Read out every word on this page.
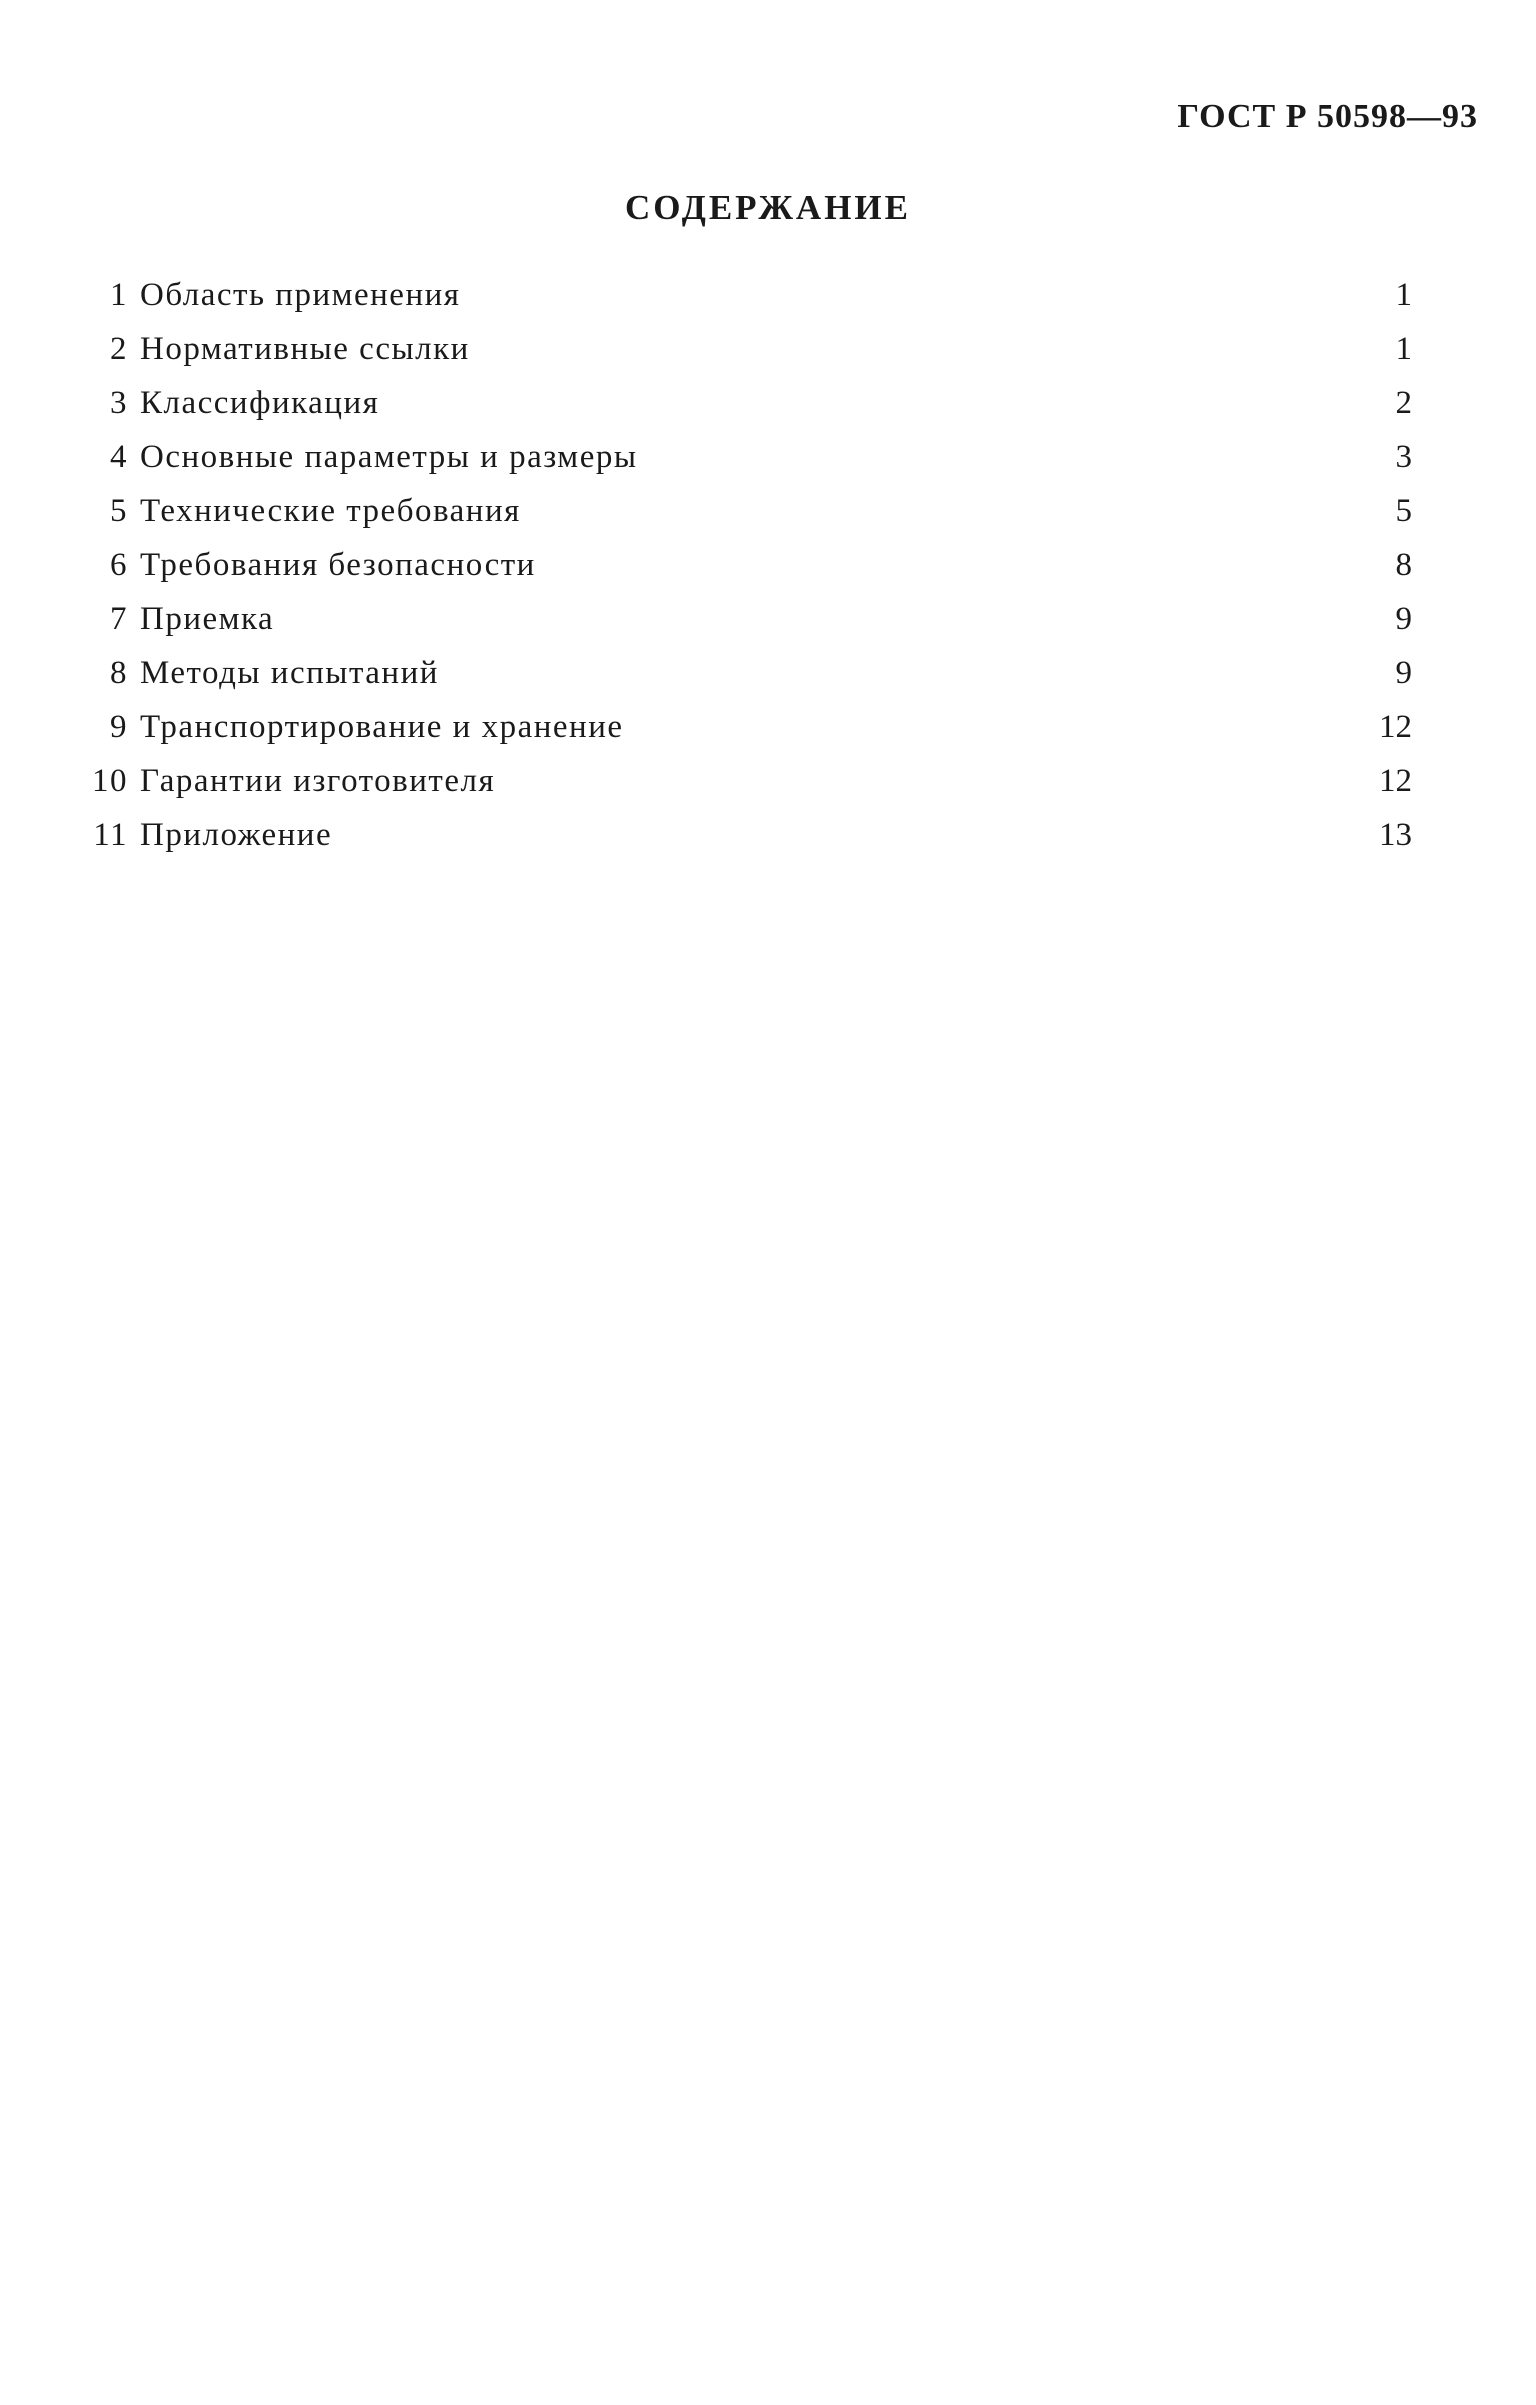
ГОСТ Р 50598—93
СОДЕРЖАНИЕ
1 Область применения	1
2 Нормативные ссылки	1
3 Классификация	2
4 Основные параметры и размеры	3
5 Технические требования	5
6 Требования безопасности	8
7 Приемка	9
8 Методы испытаний	9
9 Транспортирование и хранение	12
10 Гарантии изготовителя	12
11 Приложение	13
